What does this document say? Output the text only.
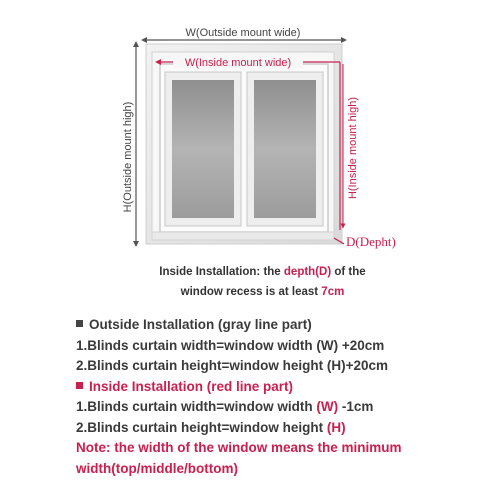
W(Outside mount wide)
H(Outside mount high)
W(Inside mount wide)
H(Inside mount high)
D(Depht)
Inside Installation: the depth(D) of the window recess is at least 7cm
Outside Installation (gray line part)
1.Blinds curtain width=window width (W) +20cm
2.Blinds curtain height=window height (H)+20cm
Inside Installation (red line part)
1.Blinds curtain width=window width (W) -1cm
2.Blinds curtain height=window height (H)
Note: the width of the window means the minimum
width(top/middle/bottom)
